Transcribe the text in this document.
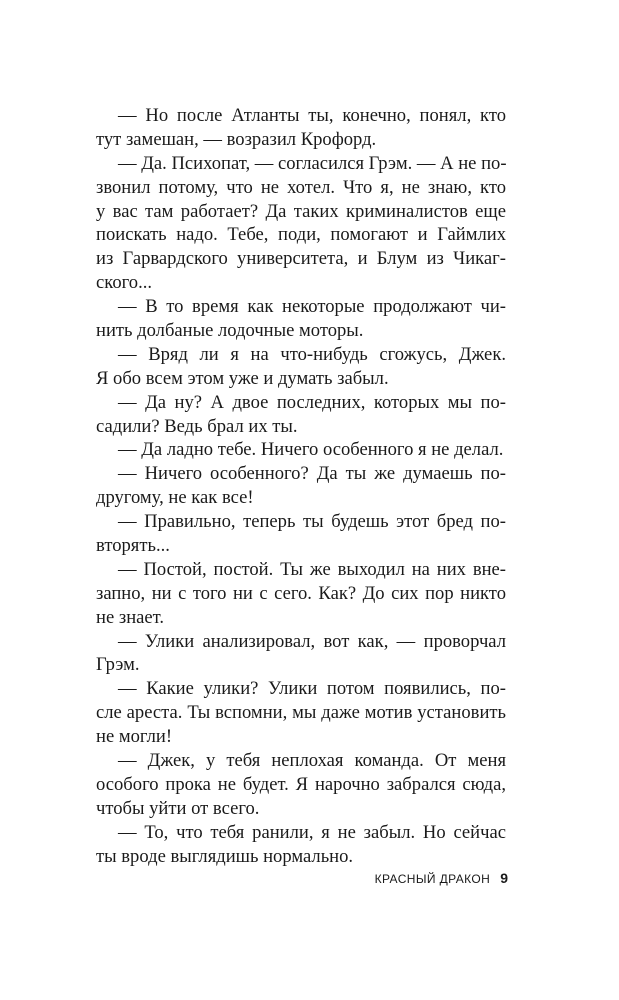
— Но после Атланты ты, конечно, понял, кто
тут замешан, — возразил Крофорд.
— Да. Психопат, — согласился Грэм. — А не по-
звонил потому, что не хотел. Что я, не знаю, кто
у вас там работает? Да таких криминалистов еще
поискать надо. Тебе, поди, помогают и Гаймлих
из Гарвардского университета, и Блум из Чикаг-
ского...
— В то время как некоторые продолжают чи-
нить долбаные лодочные моторы.
— Вряд ли я на что-нибудь сгожусь, Джек.
Я обо всем этом уже и думать забыл.
— Да ну? А двое последних, которых мы по-
садили? Ведь брал их ты.
— Да ладно тебе. Ничего особенного я не делал.
— Ничего особенного? Да ты же думаешь по-
другому, не как все!
— Правильно, теперь ты будешь этот бред по-
вторять...
— Постой, постой. Ты же выходил на них вне-
запно, ни с того ни с сего. Как? До сих пор никто
не знает.
— Улики анализировал, вот как, — проворчал
Грэм.
— Какие улики? Улики потом появились, по-
сле ареста. Ты вспомни, мы даже мотив установить
не могли!
— Джек, у тебя неплохая команда. От меня
особого прока не будет. Я нарочно забрался сюда,
чтобы уйти от всего.
— То, что тебя ранили, я не забыл. Но сейчас
ты вроде выглядишь нормально.
КРАСНЫЙ ДРАКОН 9
